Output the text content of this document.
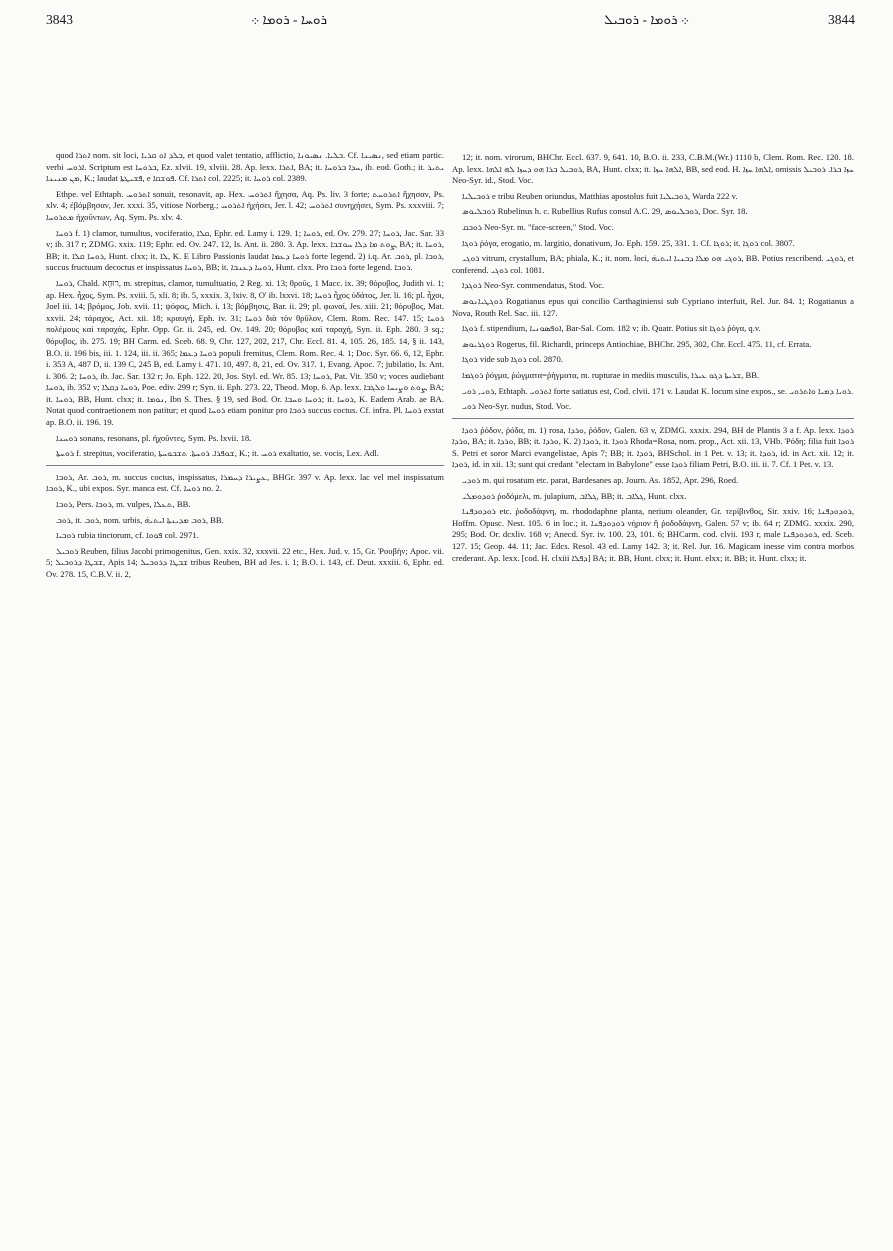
3843	ܪܘܚܐ - ܪܘܡܐ ܀	܀ ܪܘܡܐ - ܪܘܒܝܠ	3844

quod ܐܬܪܐ nom. sit loci, ܒܠܕ ܐܘ ܩܪܝܐ, et quod valet tentatio, afflictio, ܒܠܝܐ. ܢܣܝܘܢܐ. Cf. ܢܣܝܢܐ, sed etiam partic. verbi ܐܪܘܚ. Scriptum est ܒܪܘܚܐ, Ez. xlvii. 19, xlviii. 28. Ap. lexx. ܐܬܪܐ, BA; it. ܚܕܐ ܒܪܘܚܐ, ib. eod. Goth.; it. ܝܬܝܪ ܡܢ ܡܢܝܢܐ, K.; laudat ܦܫܝܛܬܐ, e ܦܘܫܩܐ. Cf. ܐܬܪܐ col. 2225; it. ܪܘܚܐ col. 2389.

Ethpe. vel Ethtaph. ܐܬܪܘܚ sonuit, resonavit, ap. Hex. ܐܬܪܘܚ ἤχησα, Aq. Ps. liv. 3 forte; ܐܬܪܘܚܬ ἤχησαν, Ps. xlv. 4; ἐβόμβησαν, Jer. xxxi. 35, vitiose Norberg.; ܐܬܪܘܚ ἠχήσει, Jer. l. 42; ܐܬܪܘܚ συνηχήσει, Sym. Ps. xxxviii. 7; ܡܬܪܘܚܐ ἠχοῦντων, Aq. Sym. Ps. xlv. 4.

ܪܘܚܐ f. 1) clamor, tumultus, vociferatio, ܩܠܐ, Ephr. ed. Lamy i. 129. 1; ܪܘܚܐ, ed. Ov. 279. 27; ܪܘܚܐ, Jac. Sar. 33 v; ib. 317 r; ZDMG. xxix. 119; Ephr. ed. Ov. 247. 12, Is. Ant. ii. 280. 3. Ap. lexx. ܨܘܬ ܡܐ ܕܠܐ ܚܘܫܒܐ, BA; it. ܪܘܚܐ, BB; it. ܪܘܚܐ ܩܠܐ, Hunt. clxx; it. ܠܐ, K. E Libro Passionis laudat ܪܘܚܐ ܕܥܡܐ forte legend. 2) i.q. Ar. ܪܘܒ, pl. ܪܘܒܐ, succus fructuum decoctus et inspissatus ܪܘܚܐ, BB; it. ܪܘܚܐ ܕܥܢܒܐ, Hunt. clxx. Pro ܪܘܒܐ forte legend. ܪܘܒܐ.

ܪܘܚܐ, Chald. רוּחָא, m. strepitus, clamor, tumultuatio, 2 Reg. xi. 13; θροῦς, 1 Macc. ix. 39; θόρυβος, Judith vi. 1; ap. Hex. ἦχος, Sym. Ps. xviii. 5, xli. 8; ib. 5, xxxix. 3, lxiv. 8, O' ib. lxxvi. 18; ܪܘܚܐ ἦχος ὑδάτος, Jer. li. 16; pl. ἦχοι, Joel iii. 14; βρόμος, Job. xvii. 11; ψόφος, Mich. i. 13; βόμβησις, Bar. ii. 29; pl. φωναί, Jes. xiii. 21; θόρυβος, Mat. xxvii. 24; τάραχος, Act. xii. 18; κραυγή, Eph. iv. 31; ܪܘܚܐ διὰ τὸν θρῦλον, Clem. Rom. Rec. 147. 15; ܪܘܚܐ πολέμους καὶ ταραχάς, Ephr. Opp. Gr. ii. 245, ed. Ov. 149. 20; θόρυβος καὶ ταραχή, Syn. ii. Eph. 280. 3 sq.; θόρυβος, ib. 275. 19; BH Carm. ed. Sceb. 68. 9, Chr. 127, 202, 217, Chr. Eccl. 81. 4, 105. 26, 185. 14, § ii. 143, B.O. ii. 196 bis, iii. 1. 124, iii. ii. 365; ܪܘܚܐ ܕܥܡܐ populi fremitus, Clem. Rom. Rec. 4. 1; Doc. Syr. 66. 6, 12, Ephr. i. 353 A, 487 D, ii. 139 C, 245 B, ed. Lamy i. 471. 10, 497. 8, 21, ed. Ov. 317. 1, Evang. Apoc. 7; jubilatio, Is. Ant. i. 306. 2; ܪܘܚܐ, ib. Jac. Sar. 132 r; Jo. Eph. 122. 20, Jos. Styl. ed. Wr. 85. 13; ܪܘܚܐ, Pat. Vit. 350 v; voces audiebant ܪܘܚܐ, ib. 352 v; ܪܘܚܐ ܕܩܠܐ, Poe. ediv. 299 r; Syn. ii. Eph. 273. 22, Theod. Mop. 6. Ap. lexx. ܨܘܬ ܘܨܝܚܐ ܘܠܓܒܐ, BA; it. ܪܘܚܐ, BB, Hunt. clxx; it. ܢܘܡܐ, Ibn S. Thes. § 19, sed Bod. Or. ܪܘܚܐ ܘܚܒܐ; it. ܪܘܚܐ, K. Eadem Arab. ae BA. Notat quod contraetionem non patitur; et quod ܪܘܚܐ etiam ponitur pro ܪܘܒܐ succus coctus. Cf. infra. Pl. ܪܘܚܐ exstat ap. B.O. ii. 196. 19.

ܪܘܚܢܐ sonans, resonans, pl. ἠχοῦντες, Sym. Ps. lxvii. 18.

ܪܘܚܬܐ f. strepitus, vociferatio, ܫܘܦܪܐ. ܪܘܚܬܐ. ܬܫܒܘܚܬܐ, K.; it. ܪܘܚ exaltatio, se. vocis, Lex. Adl.

ܪܘܒܐ, Ar. ܪܘܒ, m. succus coctus, inspissatus, ܥܨܝܪܐ ܕܚܡܪܐ, BHGr. 397 v. Ap. lexx. lac vel mel inspissatum ܪܘܒܐ, K., ubi expos. Syr. manca est. Cf. ܪܘܚܐ no. 2.

ܪܘܒܐ, Pers. ܪܘܒܐ, m. vulpes, ܬܥܠܐ, BB.

ܪܘܒ, it. ܪܘܒ, nom. urbis, ܪܘܒ ܡܕܝܢܬܐ ܐܝܬܝܗ̇, BB.

ܪܘܒܝܐ rubia tinctorum, cf. ܦܘܘܐ col. 2971.

ܪܘܒܝܠ Reuben, filius Jacobi primogenitus, Gen. xxix. 32, xxxvii. 22 etc., Hex. Jud. v. 15, Gr. Ῥουβὴν; Apoc. vii. 5; ܫܒܛܐ ܕܪܘܒܝܠ, Apis 14; ܫܒܛܐ ܕܪܘܒܝܠ tribus Reuben, BH ad Jes. i. 1; B.O. i. 143, cf. Deut. xxxiii. 6, Ephr. ed. Ov. 278. 15, C.B.V. ii. 2,

12; it. nom. virorum, BHChr. Eccl. 637. 9, 641. 10, B.O. ii. 233, C.B.M.(Wr.) 1110 b, Clem. Rom. Rec. 120. 18. Ap. lexx. ܪܘܒܝܠ ܒܪܐ ܗܘ ܕܚܙܐ ܠܗ ܐܠܗܐ, BA, Hunt. clxx; it. ܐܠܗܐ ܚܙܐ, BB, sed eod. H. ܐܠܗܐ ܚܙܐ, omissis ܚܙܐ ܒܪܐ. ܪܘܒܝܠ Neo-Syr. id., Stod. Voc.

ܪܘܒܝܠܝܐ e tribu Reuben oriundus, Matthias apostolus fuit ܪܘܒܝܠܝܐ, Warda 222 v.

ܪܘܒܠܝܘܣ Rubelinus h. c. Rubellius Rufus consul A.C. 29, ܪܘܒܠܝܘܣ, Doc. Syr. 18.

ܪܘܒܩ Neo-Syr. m. "face-screen," Stod. Voc.

ܪܘܓܐ ῥόγα, erogatio, m. largitio, donativum, Jo. Eph. 159. 25, 331. 1. Cf. ܪܘܓܐ; it. ܪܘܓܐ col. 3807.

ܪܘܓܝ vitrum, crystallum, BA; phiala, K.; it. nom. loci, ܪܘܓܝ ܗܘ ܡܠܐ ܕܒܢܝܐ ܐܝܬܝܗ̇, BB. Potius rescribend. ܪܘܓܝ, et conferend. ܪܘܓܝ col. 1081.

ܪܘܓܕܐ Neo-Syr. commendatus, Stod. Voc.

ܪܘܓܛܝܐܢܘܣ Rogatianus epus qui concilio Carthaginiensi sub Cypriano interfuit, Rel. Jur. 84. 1; Rogatianus a Nova, Routh Rel. Sac. iii. 127.

ܪܘܓܐ f. stipendium, ܐܘܦܣܘܢܝܐ, Bar-Sal. Com. 182 v; ib. Quatr. Potius sit ܪܘܓܐ ῥόγα, q.v.

ܪܘܓܪܝܘܣ Rogerus, fil. Richardi, princeps Antiochiae, BHChr. 295, 302, Chr. Eccl. 475. 11, cf. Errata.

ܪܘܓܐ vide sub ܪܘܓܐ col. 2870.

ܪܘܓܡܐ ῥόγμα, ῥώγματα=ῥήγματα, m. rupturae in mediis musculis, ܫܪܝܬܐ ܕܓܘ ܥܝܪܐ, BB.

ܪܘܝ, ܪܘܝ, Ethtaph. ܐܬܪܘܝ forte satiatus est, Cod. clvii. 171 v. Laudat K. locum sine expos., se. ܪܘܝܐ ܕܡܝܐ ܘܐܬܪܘܝ.

ܪܘܝ Neo-Syr. nudus, Stod. Voc.

ܪܘܕܐ ῥόδον, ῥόδα, m. 1) rosa, ܘܪܕܐ, ῥόδον, Galen. 63 v, ZDMG. xxxix. 294, BH de Plantis 3 a f. Ap. lexx. ܪܘܕܐ ܘܪܕܐ, BA; it. ܘܪܕܐ, BB; it. ܘܪܕܐ, K. 2) ܪܘܕܐ, it. ܪܘܕܐ Rhoda=Rosa, nom. prop., Act. xii. 13, VHb. Ῥόδη; filia fuit ܪܘܕܐ S. Petri et soror Marci evangelistae, Apis 7; BB; it. ܪܘܕܐ, BHSchol. in 1 Pet. v. 13; it. ܪܘܕܐ, id. in Act. xii. 12; it. ܪܘܕܐ, id. in xii. 13; sunt qui credant "electam in Babylone" esse ܪܘܕܐ filiam Petri, B.O. iii. ii. 7. Cf. 1 Pet. v. 13.

ܪܘܕܝ m. qui rosatum etc. parat, Bardesanes ap. Journ. As. 1852, Apr. 296, Roed.

ܪܘܕܘܡܠܝ ῥοδόμελι, m. julapium, ܓܠܐܒ, BB; it. ܓܠܐܒ, Hunt. clxx.

ܪܘܕܘܕܦܢܐ etc. ῥοδοδάφνη, m. rhododaphne planta, nerium oleander, Gr. τερίβινθος, Sir. xxiv. 16; ܪܘܕܘܕܦܢܐ, Hoffm. Opusc. Nest. 105. 6 in loc.; it. ܪܘܕܘܕܦܢܐ νήριον ἢ ῥοδοδάφνη, Galen. 57 v; ib. 64 r; ZDMG. xxxix. 290, 295; Bod. Or. dcxliv. 168 v; Anecd. Syr. iv. 100. 23, 101. 6; BHCarm. cod. clvii. 193 r, male ܪܘܕܘܕܦܢܐ, ed. Sceb. 127. 15; Geop. 44. 11; Jac. Edcs. Resol. 43 ed. Lamy 142. 3; it. Rel. Jur. 16. Magicam inesse vim contra morbos crederant. Ap. lexx. [cod. H. clxiii ܕܦܠܐ] BA; it. BB, Hunt. clxx; it. Hunt. elxx; it. BB; it. Hunt. clxx; it.
